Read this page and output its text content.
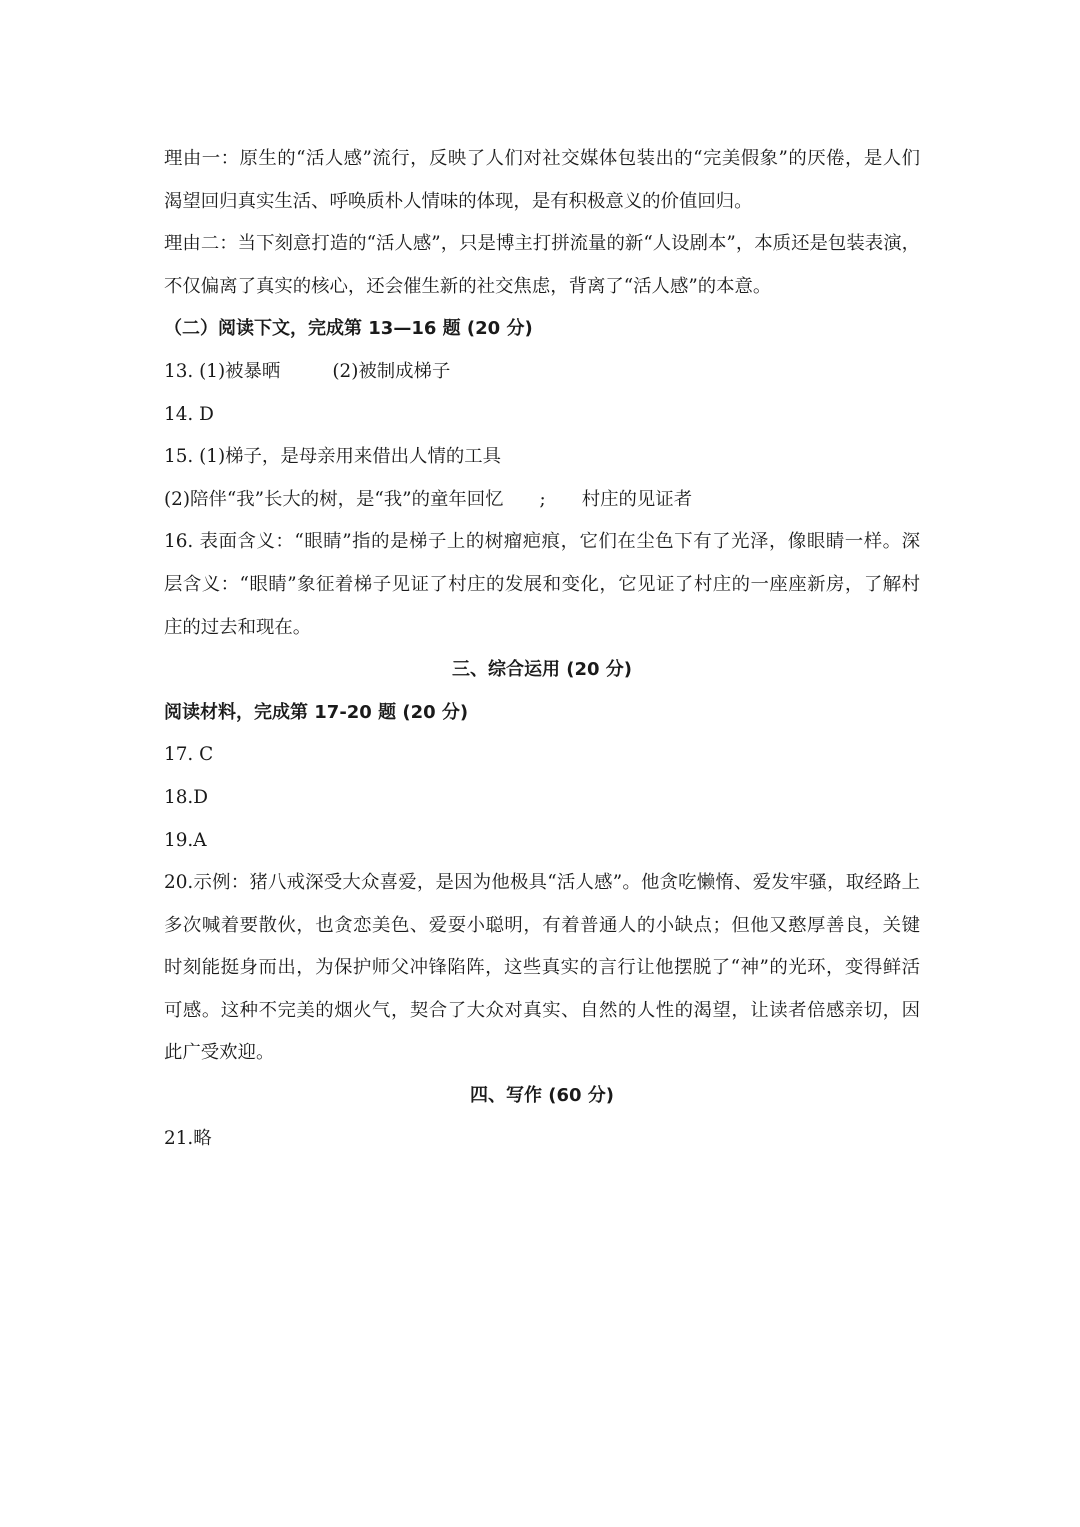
理由一：原生的“活人感”流行，反映了人们对社交媒体包装出的“完美假象”的厌倦，是人们
渴望回归真实生活、呼唤质朴人情味的体现，是有积极意义的价值回归。
理由二：当下刻意打造的“活人感”，只是博主打拼流量的新“人设剧本”，本质还是包装表演，
不仅偏离了真实的核心，还会催生新的社交焦虑，背离了“活人感”的本意。
（二）阅读下文，完成第 13—16 题 (20 分)
13. (1)被暴晒	(2)被制成梯子
14. D
15. (1)梯子，是母亲用来借出人情的工具
(2)陪伴“我”长大的树，是“我”的童年回忆 ; 村庄的见证者
16. 表面含义：“眼睛”指的是梯子上的树瘤疤痕，它们在尘色下有了光泽，像眼睛一样。深
层含义：“眼睛”象征着梯子见证了村庄的发展和变化，它见证了村庄的一座座新房，了解村
庄的过去和现在。
三、综合运用 (20 分)
阅读材料，完成第 17-20 题 (20 分)
17. C
18.D
19.A
20.示例：猪八戒深受大众喜爱，是因为他极具“活人感”。他贪吃懒惰、爱发牢骚，取经路上
多次喊着要散伙，也贪恋美色、爱耍小聪明，有着普通人的小缺点；但他又憨厚善良，关键
时刻能挺身而出，为保护师父冲锋陷阵，这些真实的言行让他摆脱了“神”的光环，变得鲜活
可感。这种不完美的烟火气，契合了大众对真实、自然的人性的渴望，让读者倍感亲切，因
此广受欢迎。
四、写作 (60 分)
21.略
